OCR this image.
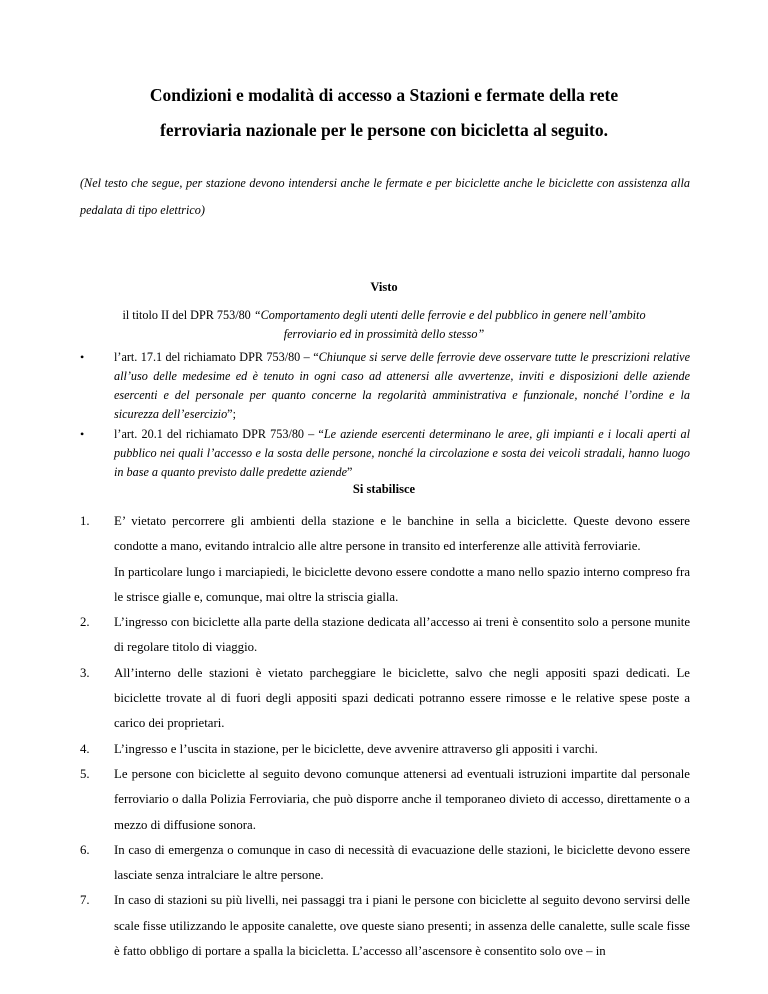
Condizioni e modalità di accesso a Stazioni e fermate della rete
ferroviaria nazionale per le persone con bicicletta al seguito.
(Nel testo che segue, per stazione devono intendersi anche le fermate e per biciclette anche le biciclette con assistenza alla pedalata di tipo elettrico)
Visto
il titolo II del DPR 753/80 “Comportamento degli utenti delle ferrovie e del pubblico in genere nell’ambito ferroviario ed in prossimità dello stesso”
• l’art. 17.1 del richiamato DPR 753/80 – “Chiunque si serve delle ferrovie deve osservare tutte le prescrizioni relative all’uso delle medesime ed è tenuto in ogni caso ad attenersi alle avvertenze, inviti e disposizioni delle aziende esercenti e del personale per quanto concerne la regolarità amministrativa e funzionale, nonché l’ordine e la sicurezza dell’esercizio”;
• l’art. 20.1 del richiamato DPR 753/80 – “Le aziende esercenti determinano le aree, gli impianti e i locali aperti al pubblico nei quali l’accesso e la sosta delle persone, nonché la circolazione e sosta dei veicoli stradali, hanno luogo in base a quanto previsto dalle predette aziende”
Si stabilisce
1. E’ vietato percorrere gli ambienti della stazione e le banchine in sella a biciclette. Queste devono essere condotte a mano, evitando intralcio alle altre persone in transito ed interferenze alle attività ferroviarie.
In particolare lungo i marciapiedi, le biciclette devono essere condotte a mano nello spazio interno compreso fra le strisce gialle e, comunque, mai oltre la striscia gialla.
2. L’ingresso con biciclette alla parte della stazione dedicata all’accesso ai treni è consentito solo a persone munite di regolare titolo di viaggio.
3. All’interno delle stazioni è vietato parcheggiare le biciclette, salvo che negli appositi spazi dedicati. Le biciclette trovate al di fuori degli appositi spazi dedicati potranno essere rimosse e le relative spese poste a carico dei proprietari.
4. L’ingresso e l’uscita in stazione, per le biciclette, deve avvenire attraverso gli appositi i varchi.
5. Le persone con biciclette al seguito devono comunque attenersi ad eventuali istruzioni impartite dal personale ferroviario o dalla Polizia Ferroviaria, che può disporre anche il temporaneo divieto di accesso, direttamente o a mezzo di diffusione sonora.
6. In caso di emergenza o comunque in caso di necessità di evacuazione delle stazioni, le biciclette devono essere lasciate senza intralciare le altre persone.
7. In caso di stazioni su più livelli, nei passaggi tra i piani le persone con biciclette al seguito devono servirsi delle scale fisse utilizzando le apposite canalette, ove queste siano presenti; in assenza delle canalette, sulle scale fisse è fatto obbligo di portare a spalla la bicicletta. L’accesso all’ascensore è consentito solo ove – in
